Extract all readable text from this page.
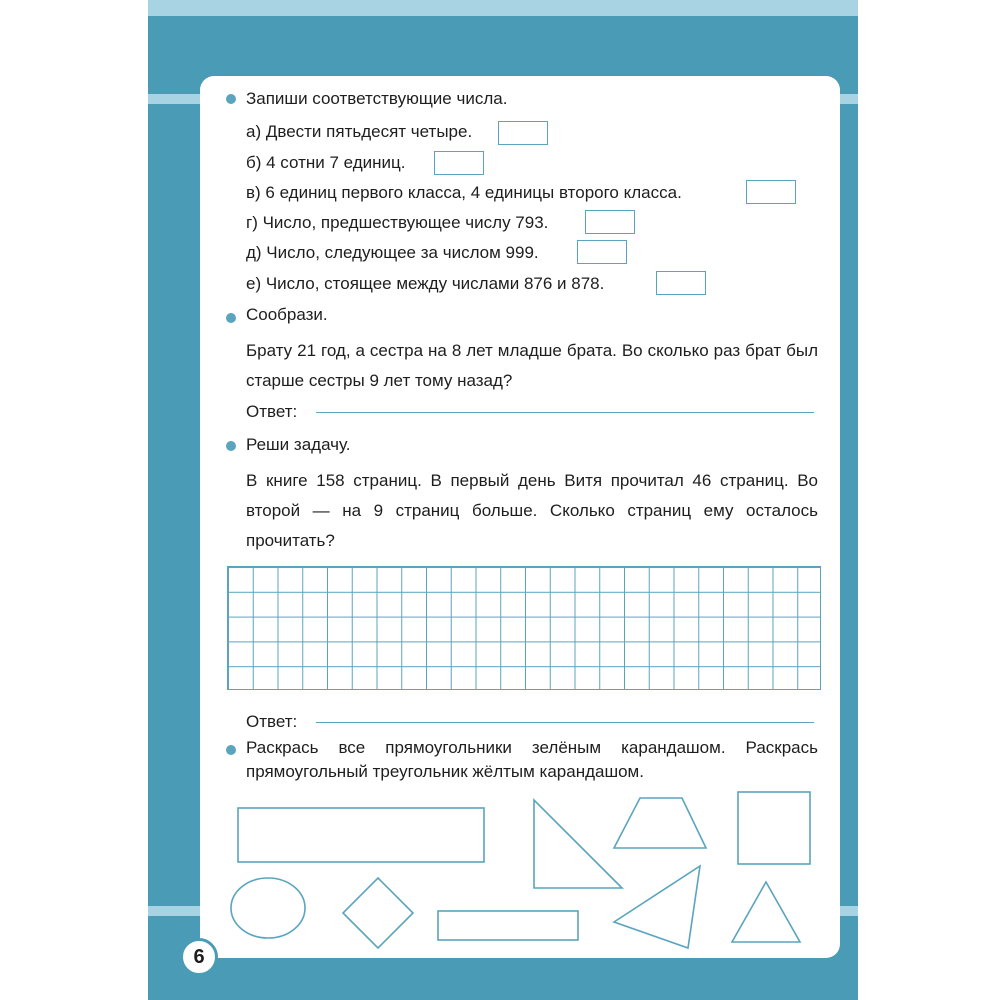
Запиши соответствующие числа.
а) Двести пятьдесят четыре.
б) 4 сотни 7 единиц.
в) 6 единиц первого класса, 4 единицы второго класса.
г) Число, предшествующее числу 793.
д) Число, следующее за числом 999.
е) Число, стоящее между числами 876 и 878.
Сообрази.
Брату 21 год, а сестра на 8 лет младше брата. Во сколько раз брат был старше сестры 9 лет тому назад?
Ответ:
Реши задачу.
В книге 158 страниц. В первый день Витя прочитал 46 страниц. Во второй — на 9 страниц больше. Сколько страниц ему осталось прочитать?
Ответ:
Раскрась все прямоугольники зелёным карандашом. Раскрась прямоугольный треугольник жёлтым карандашом.
6
